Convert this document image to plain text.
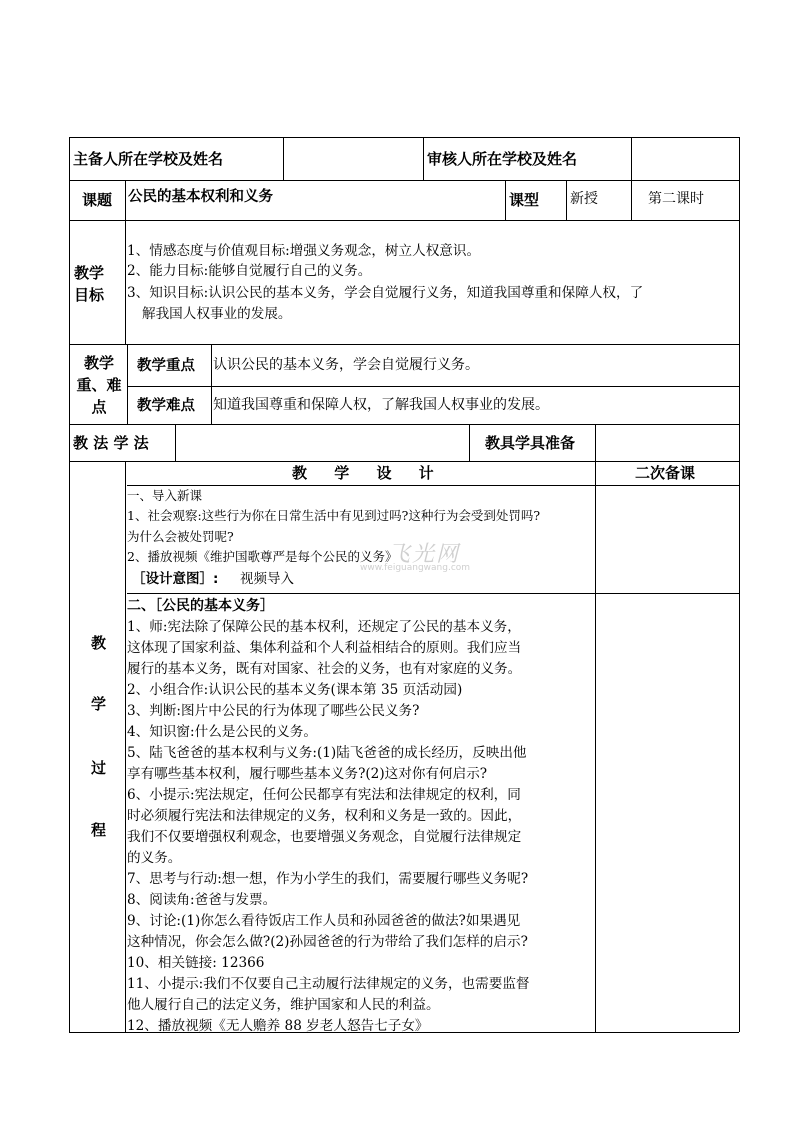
主备人所在学校及姓名	审核人所在学校及姓名
课题 公民的基本权利和义务	课型 新授	第二课时
教学
目标
1、情感态度与价值观目标:增强义务观念，树立人权意识。
2、能力目标:能够自觉履行自己的义务。
3、知识目标:认识公民的基本义务，学会自觉履行义务，知道我国尊重和保障人权，了
解我国人权事业的发展。
教学
重、难
点
教学重点 认识公民的基本义务，学会自觉履行义务。
教学难点 知道我国尊重和保障人权，了解我国人权事业的发展。
教 法 学 法	教具学具准备
教 学 设 计	二次备课
教
学
过
程
一、导入新课
1、社会观察:这些行为你在日常生活中有见到过吗?这种行为会受到处罚吗?
为什么会被处罚呢?
2、播放视频《维护国歌尊严是每个公民的义务》
［设计意图］: 视频导入
飞光网
www.feiguangwang.com
二、［公民的基本义务］
1、师:宪法除了保障公民的基本权利，还规定了公民的基本义务，
这体现了国家利益、集体利益和个人利益相结合的原则。我们应当
履行的基本义务，既有对国家、社会的义务，也有对家庭的义务。
2、小组合作:认识公民的基本义务(课本第 35 页活动园)
3、判断:图片中公民的行为体现了哪些公民义务?
4、知识窗:什么是公民的义务。
5、陆飞爸爸的基本权利与义务:(1)陆飞爸爸的成长经历，反映出他
享有哪些基本权利，履行哪些基本义务?(2)这对你有何启示?
6、小提示:宪法规定，任何公民都享有宪法和法律规定的权利，同
时必须履行宪法和法律规定的义务，权利和义务是一致的。因此，
我们不仅要增强权利观念，也要增强义务观念，自觉履行法律规定
的义务。
7、思考与行动:想一想，作为小学生的我们，需要履行哪些义务呢?
8、阅读角:爸爸与发票。
9、讨论:(1)你怎么看待饭店工作人员和孙园爸爸的做法?如果遇见
这种情况，你会怎么做?(2)孙园爸爸的行为带给了我们怎样的启示?
10、相关链接: 12366
11、小提示:我们不仅要自己主动履行法律规定的义务，也需要监督
他人履行自己的法定义务，维护国家和人民的利益。
12、播放视频《无人赡养 88 岁老人怒告七子女》
